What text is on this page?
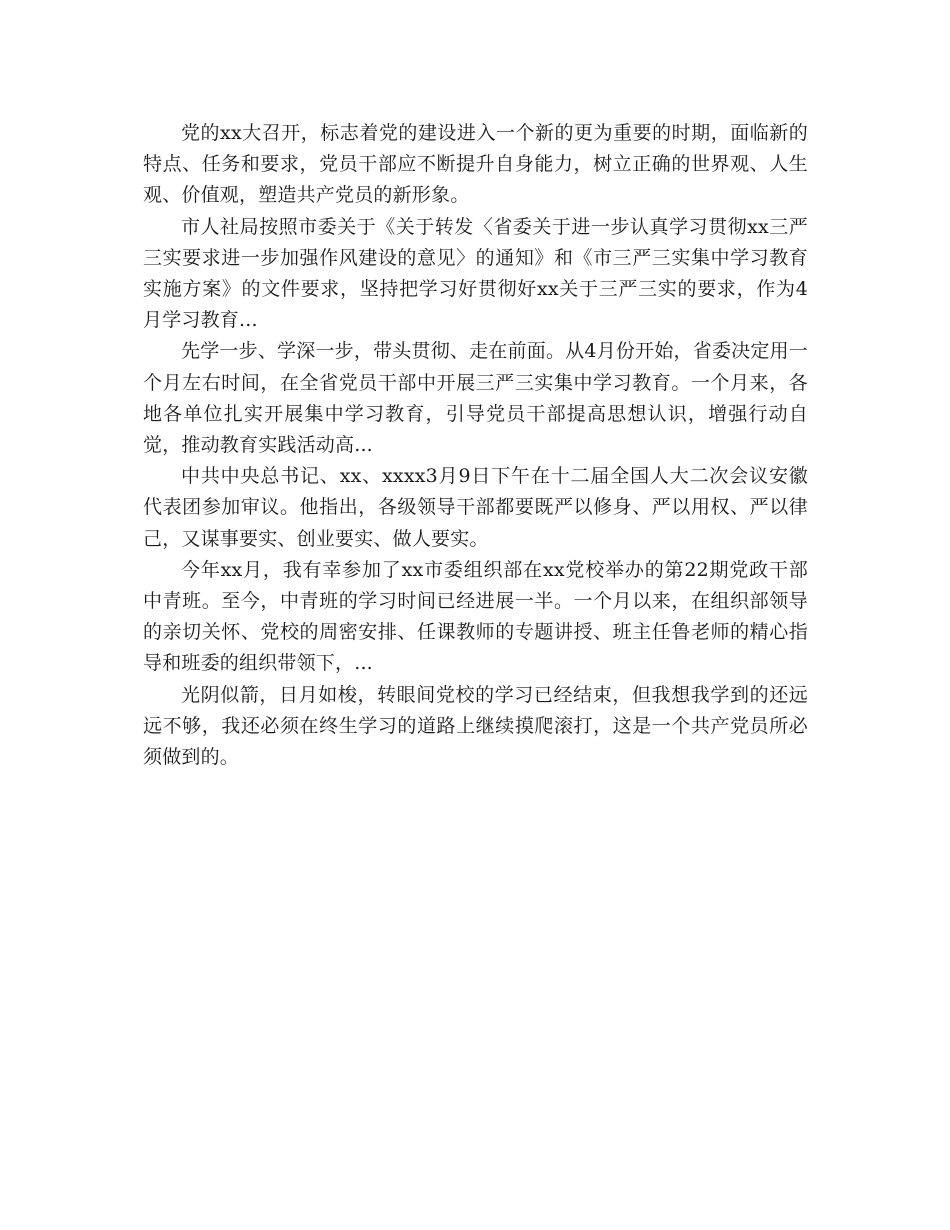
党的xx大召开，标志着党的建设进入一个新的更为重要的时期，面临新的特点、任务和要求，党员干部应不断提升自身能力，树立正确的世界观、人生观、价值观，塑造共产党员的新形象。

市人社局按照市委关于《关于转发〈省委关于进一步认真学习贯彻xx三严三实要求进一步加强作风建设的意见〉的通知》和《市三严三实集中学习教育实施方案》的文件要求，坚持把学习好贯彻好xx关于三严三实的要求，作为4月学习教育...

先学一步、学深一步，带头贯彻、走在前面。从4月份开始，省委决定用一个月左右时间，在全省党员干部中开展三严三实集中学习教育。一个月来，各地各单位扎实开展集中学习教育，引导党员干部提高思想认识，增强行动自觉，推动教育实践活动高...

中共中央总书记、xx、xxxx3月9日下午在十二届全国人大二次会议安徽代表团参加审议。他指出，各级领导干部都要既严以修身、严以用权、严以律己，又谋事要实、创业要实、做人要实。

今年xx月，我有幸参加了xx市委组织部在xx党校举办的第22期党政干部中青班。至今，中青班的学习时间已经进展一半。一个月以来，在组织部领导的亲切关怀、党校的周密安排、任课教师的专题讲授、班主任鲁老师的精心指导和班委的组织带领下，...

光阴似箭，日月如梭，转眼间党校的学习已经结束，但我想我学到的还远远不够，我还必须在终生学习的道路上继续摸爬滚打，这是一个共产党员所必须做到的。
